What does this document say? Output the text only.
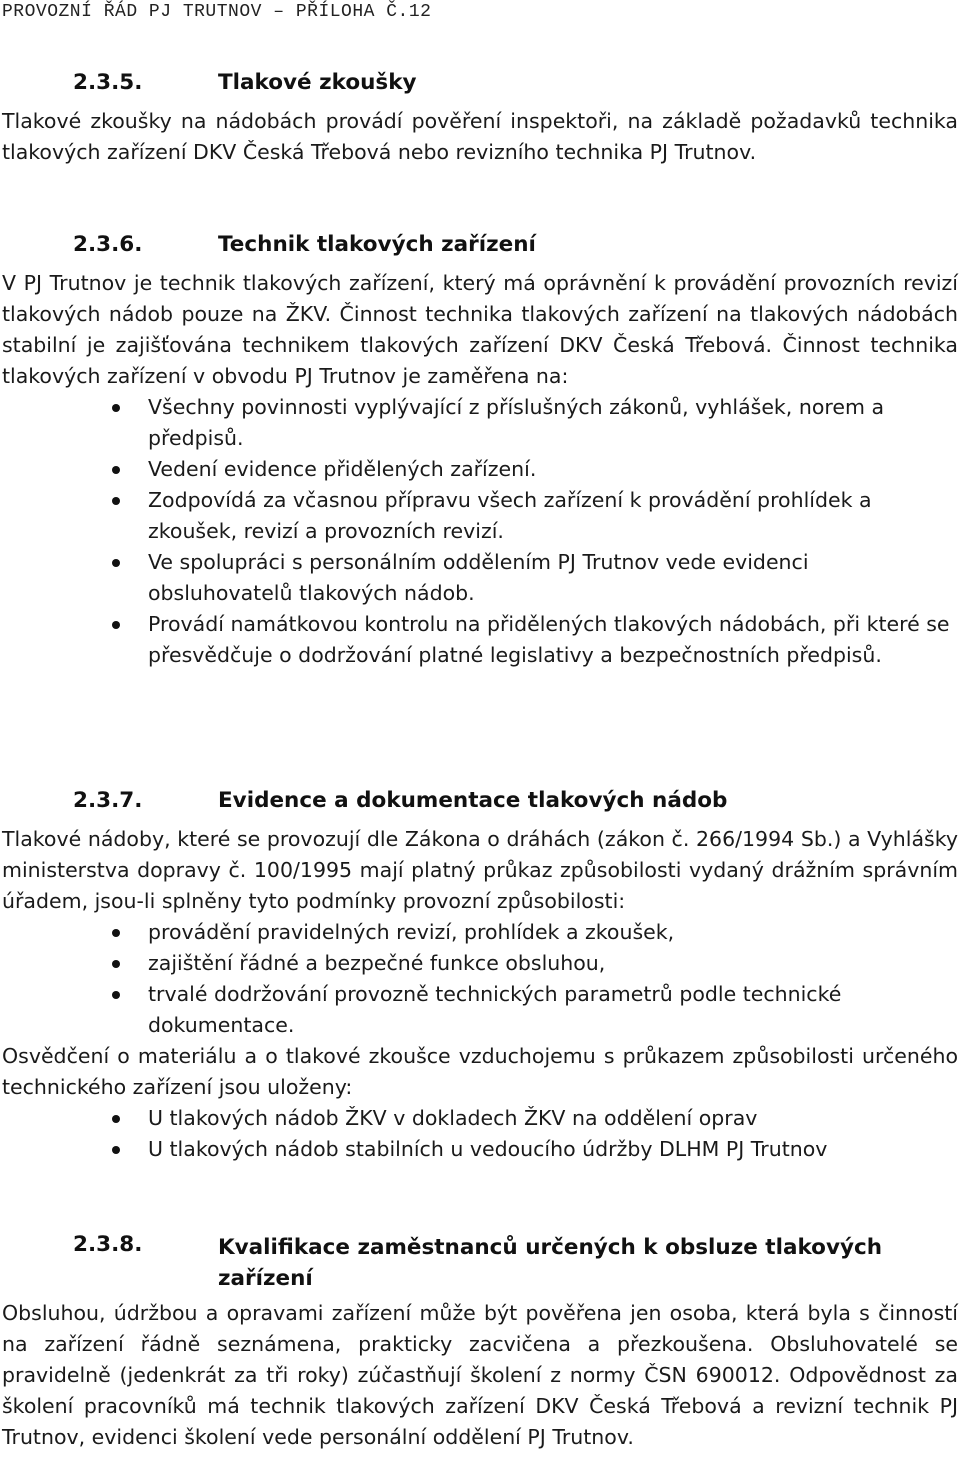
PROVOZNÍ ŘÁD PJ TRUTNOV – PŘÍLOHA Č.12
2.3.5.	Tlakové zkoušky

Tlakové zkoušky na nádobách provádí pověření inspektoři, na základě požadavků technika tlakových zařízení DKV Česká Třebová nebo revizního technika PJ Trutnov.

2.3.6.	Technik tlakových zařízení

V PJ Trutnov je technik tlakových zařízení, který má oprávnění k provádění provozních revizí tlakových nádob pouze na ŽKV. Činnost technika tlakových zařízení na tlakových nádobách stabilní je zajišťována technikem tlakových zařízení DKV Česká Třebová. Činnost technika tlakových zařízení v obvodu PJ Trutnov je zaměřena na:

Všechny povinnosti vyplývající z příslušných zákonů, vyhlášek, norem a předpisů.
Vedení evidence přidělených zařízení.
Zodpovídá za včasnou přípravu všech zařízení k provádění prohlídek a zkoušek, revizí a provozních revizí.
Ve spolupráci s personálním oddělením PJ Trutnov vede evidenci obsluhovatelů tlakových nádob.
Provádí namátkovou kontrolu na přidělených tlakových nádobách, při které se přesvědčuje o dodržování platné legislativy a bezpečnostních předpisů.
2.3.7.	Evidence a dokumentace tlakových nádob

Tlakové nádoby, které se provozují dle Zákona o dráhách (zákon č. 266/1994 Sb.) a Vyhlášky ministerstva dopravy č. 100/1995 mají platný průkaz způsobilosti vydaný drážním správním úřadem, jsou-li splněny tyto podmínky provozní způsobilosti:

provádění pravidelných revizí, prohlídek a zkoušek,
zajištění řádné a bezpečné funkce obsluhou,
trvalé dodržování provozně technických parametrů podle technické dokumentace.

Osvědčení o materiálu a o tlakové zkoušce vzduchojemu s průkazem způsobilosti určeného technického zařízení jsou uloženy:

U tlakových nádob ŽKV v dokladech ŽKV na oddělení oprav
U tlakových nádob stabilních u vedoucího údržby DLHM PJ Trutnov
2.3.8.	Kvalifikace zaměstnanců určených k obsluze tlakových zařízení

Obsluhou, údržbou a opravami zařízení může být pověřena jen osoba, která byla s činností na zařízení řádně seznámena, prakticky zacvičena a přezkoušena. Obsluhovatelé se pravidelně (jedenkrát za tři roky) zúčastňují školení z normy ČSN 690012. Odpovědnost za školení pracovníků má technik tlakových zařízení DKV Česká Třebová a revizní technik PJ Trutnov, evidenci školení vede personální oddělení PJ Trutnov.
